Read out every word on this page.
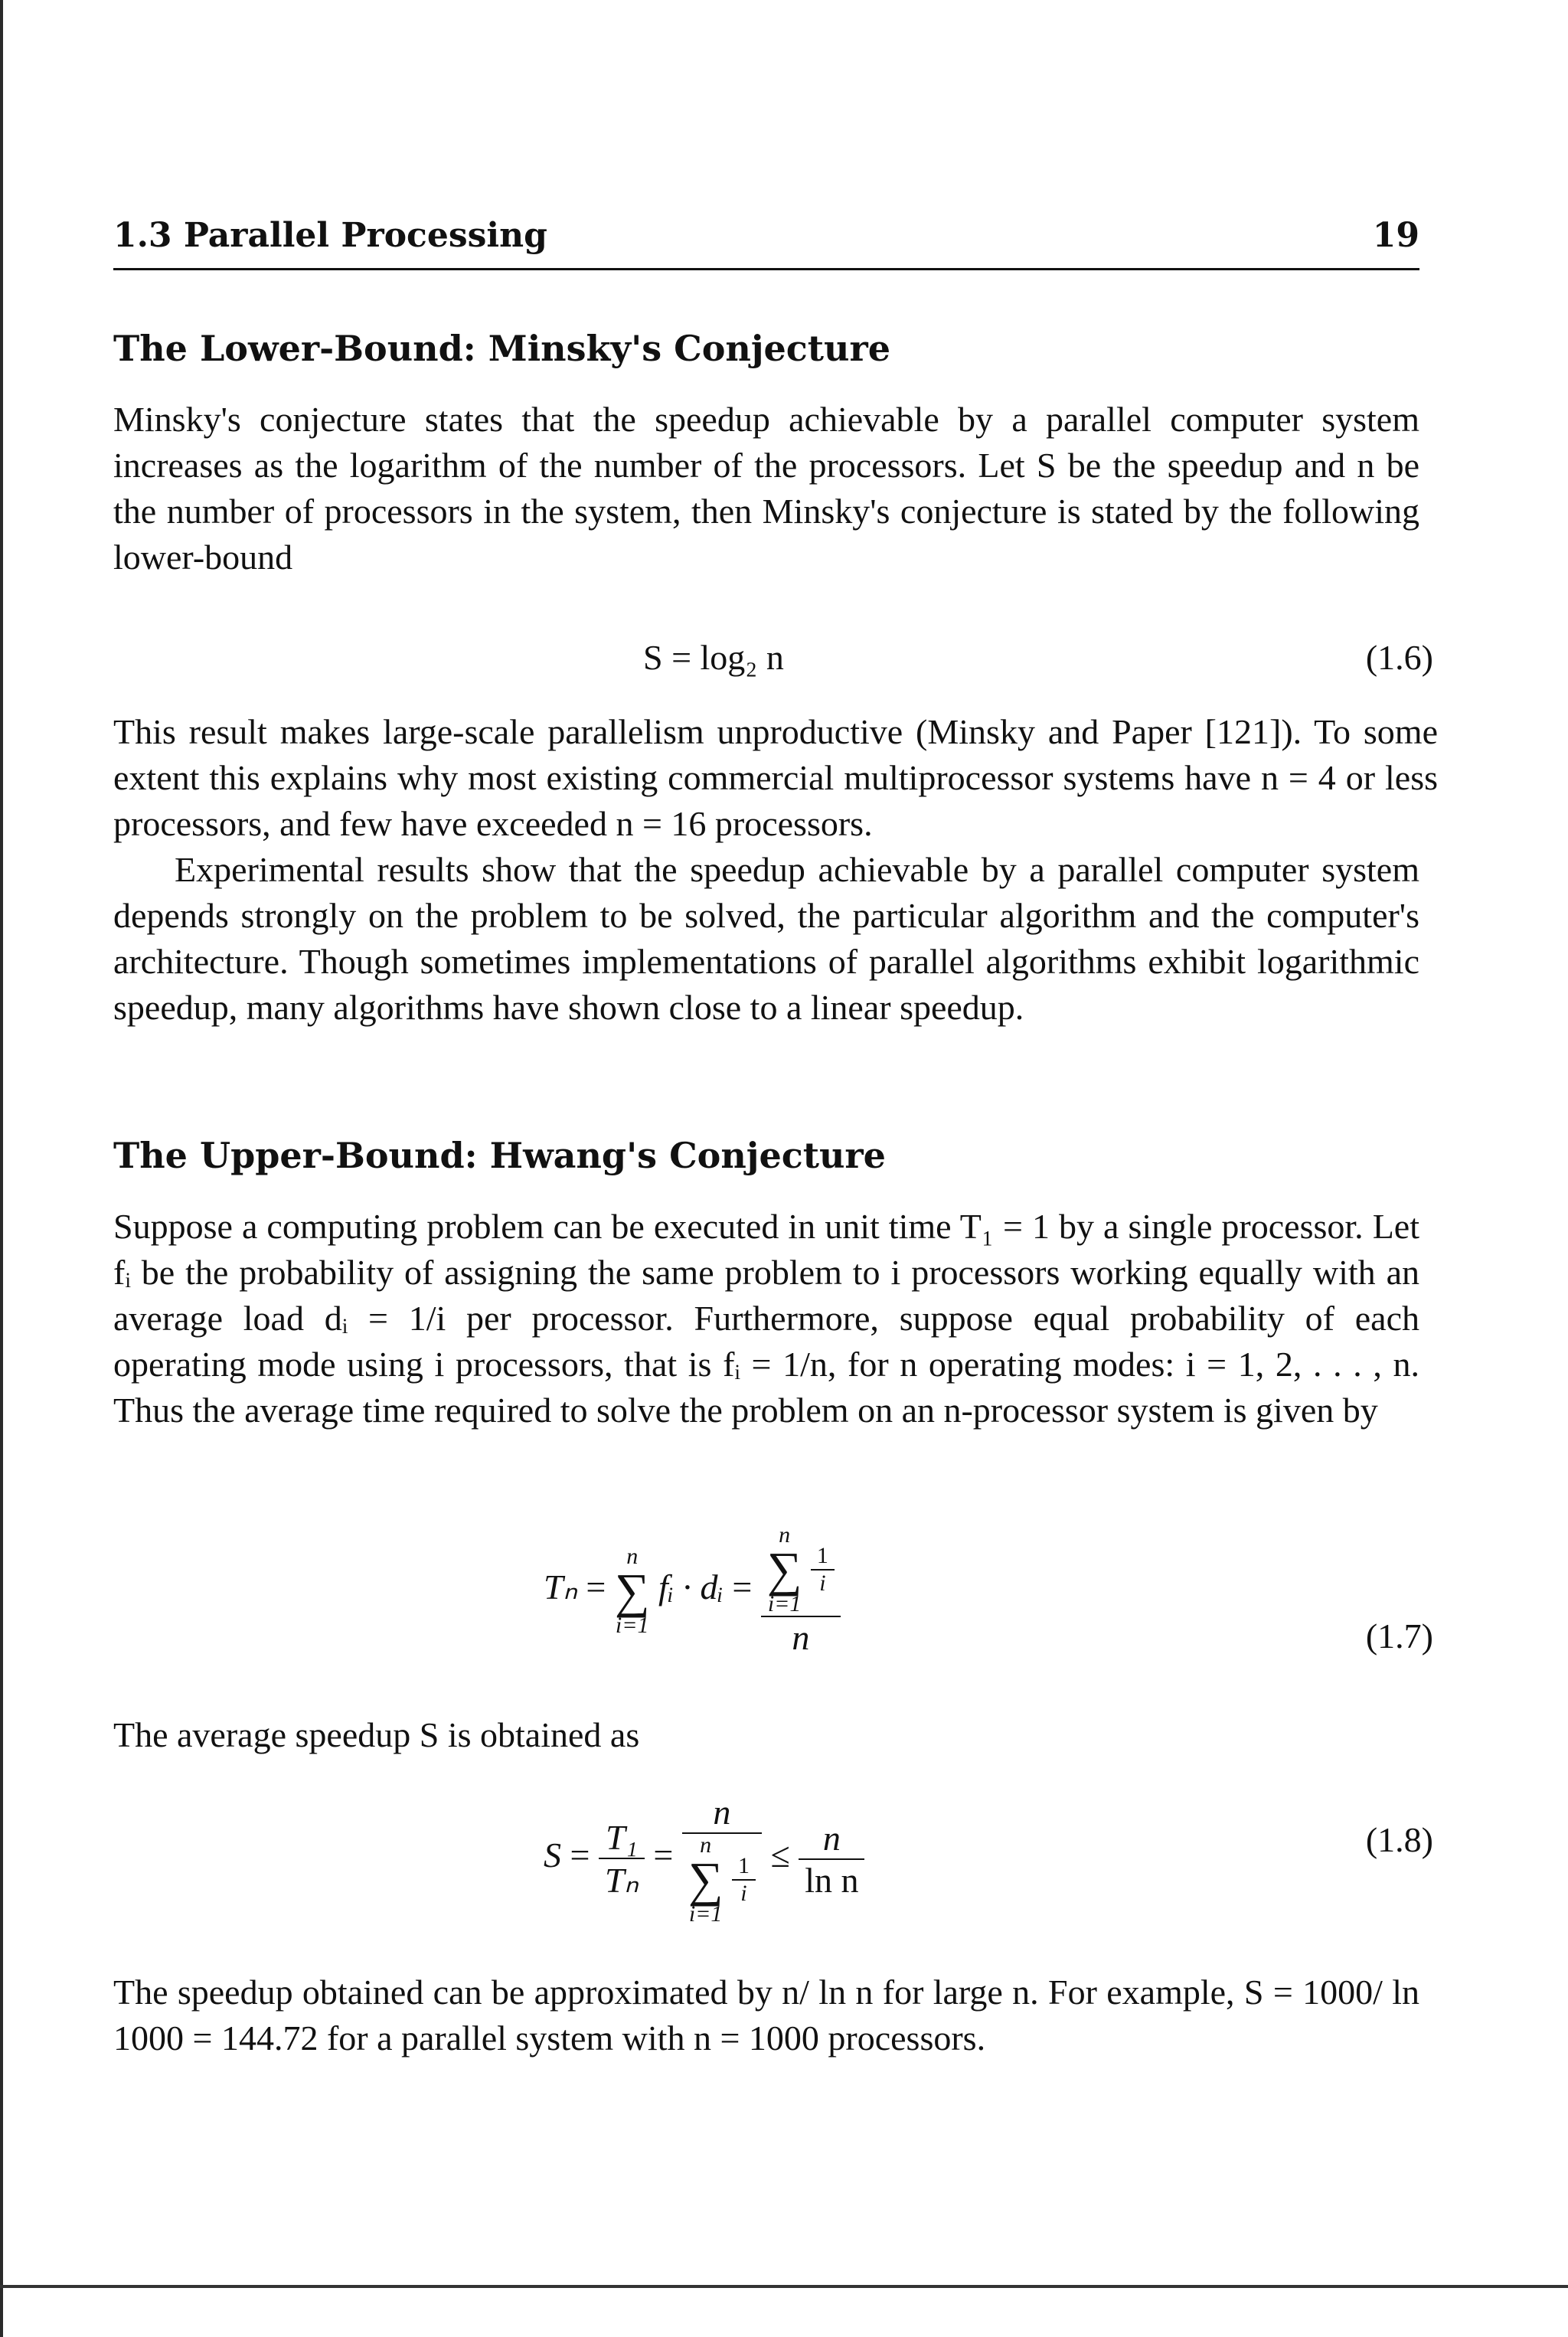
1.3 Parallel Processing	19
The Lower-Bound: Minsky's Conjecture

Minsky's conjecture states that the speedup achievable by a parallel computer system increases as the logarithm of the number of the processors. Let S be the speedup and n be the number of processors in the system, then Minsky's conjecture is stated by the following lower-bound

S = log₂ n	(1.6)

This result makes large-scale parallelism unproductive (Minsky and Paper [121]). To some extent this explains why most existing commercial multiprocessor systems have n = 4 or less processors, and few have exceeded n = 16 processors.

Experimental results show that the speedup achievable by a parallel computer system depends strongly on the problem to be solved, the particular algorithm and the computer's architecture. Though sometimes implementations of parallel algorithms exhibit logarithmic speedup, many algorithms have shown close to a linear speedup.

The Upper-Bound: Hwang's Conjecture

Suppose a computing problem can be executed in unit time T₁ = 1 by a single processor. Let fᵢ be the probability of assigning the same problem to i processors working equally with an average load dᵢ = 1/i per processor. Furthermore, suppose equal probability of each operating mode using i processors, that is fᵢ = 1/n, for n operating modes: i = 1, 2, . . . , n. Thus the average time required to solve the problem on an n-processor system is given by

Tₙ =
n
∑
i=1
fᵢ · dᵢ = n
∑
i=1

$\frac{1}{i}$
n	(1.7)

The average speedup S is obtained as

$S = \frac{\text{T₁}}{\text{Tₙ}} = n$
n
∑
i=1

$\frac{1}{i} \le \frac{n}{\text{ln n}}$	(1.8)

The speedup obtained can be approximated by n/ ln n for large n. For example, S = 1000/ ln 1000 = 144.72 for a parallel system with n = 1000 processors.
